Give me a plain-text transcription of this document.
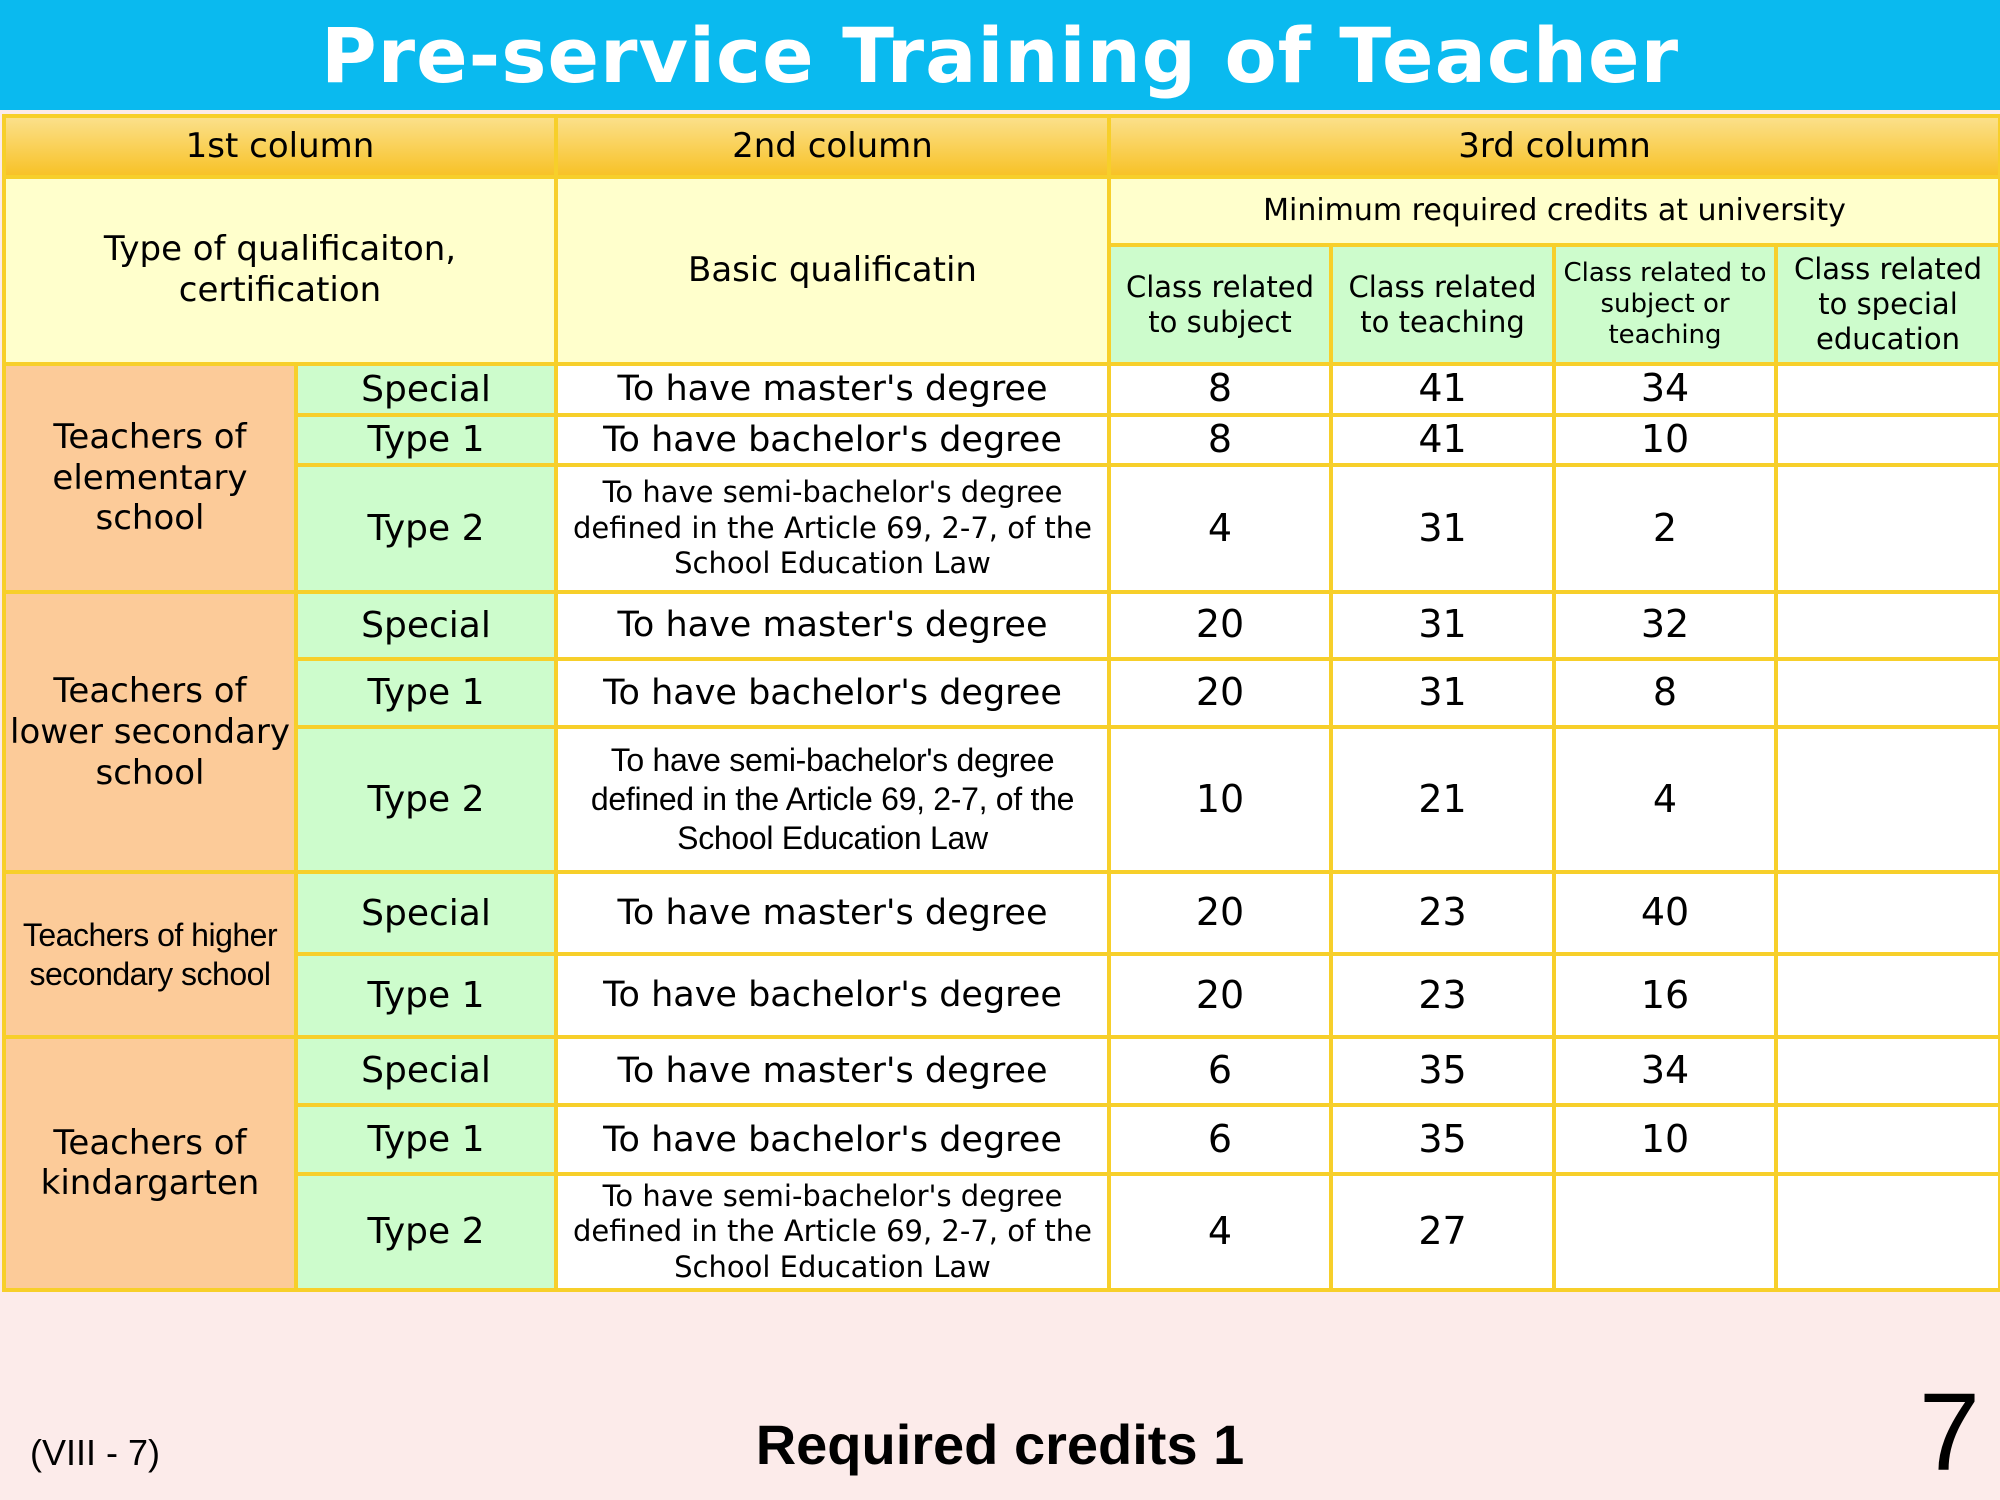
Pre-service Training of Teacher
1st column		2nd column	3rd column			
Type of qualificaiton, certification		Basic qualificatin	Minimum required credits at university			
			Class related to subject	Class related to teaching	Class related to subject or teaching	Class related to special education
Teachers of elementary school	Special	To have master's degree	8	41	34	
	Type 1	To have bachelor's degree	8	41	10	
	Type 2	To have semi-bachelor's degree defined in the Article 69, 2-7, of the School Education Law	4	31	2	
Teachers of lower secondary school	Special	To have master's degree	20	31	32	
	Type 1	To have bachelor's degree	20	31	8	
	Type 2	To have semi-bachelor's degree defined in the Article 69, 2-7, of the School Education Law	10	21	4	
Teachers of higher secondary school	Special	To have master's degree	20	23	40	
	Type 1	To have bachelor's degree	20	23	16	
Teachers of kindargarten	Special	To have master's degree	6	35	34	
	Type 1	To have bachelor's degree	6	35	10	
	Type 2	To have semi-bachelor's degree defined in the Article 69, 2-7, of the School Education Law	4	27		
(VIII - 7)	Required credits 1	7
